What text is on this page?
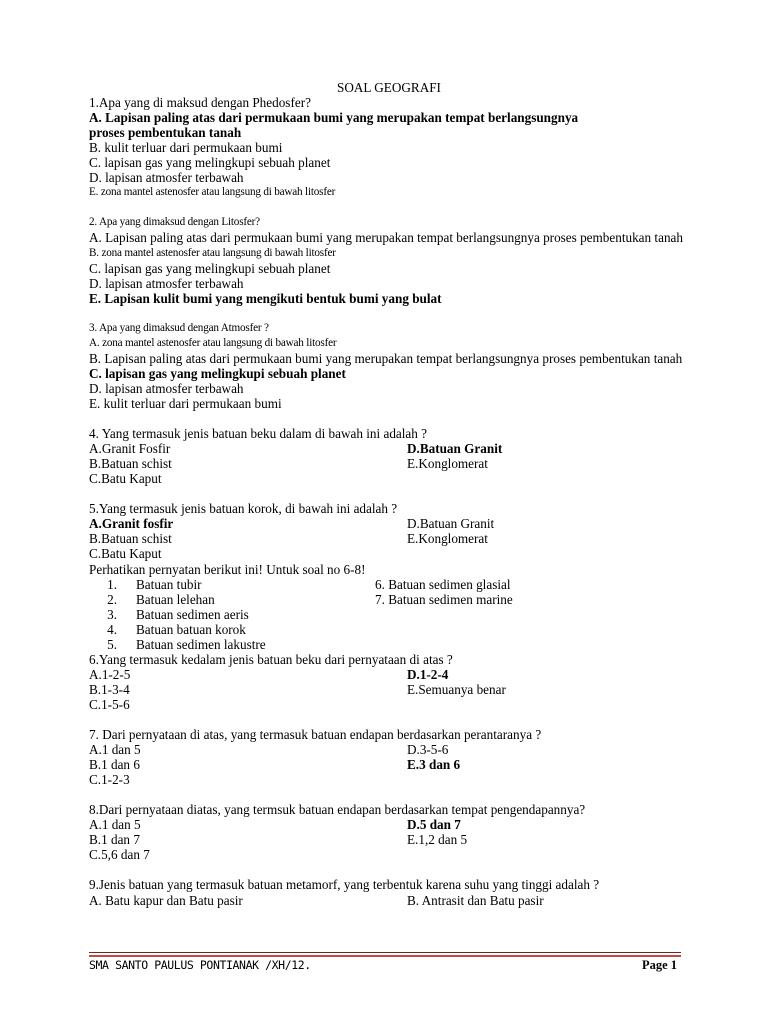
SOAL GEOGRAFI
1.Apa yang di maksud dengan Phedosfer?
A. Lapisan paling atas dari permukaan bumi yang merupakan tempat berlangsungnya
proses pembentukan tanah
B. kulit terluar dari permukaan bumi
C. lapisan gas yang melingkupi sebuah planet
D. lapisan atmosfer terbawah
E. zona mantel astenosfer atau langsung di bawah litosfer
2. Apa yang dimaksud dengan Litosfer?
A. Lapisan paling atas dari permukaan bumi yang merupakan tempat berlangsungnya proses pembentukan tanah
B. zona mantel astenosfer atau langsung di bawah litosfer
C. lapisan gas yang melingkupi sebuah planet
D. lapisan atmosfer terbawah
E. Lapisan kulit bumi yang mengikuti bentuk bumi yang bulat
3. Apa yang dimaksud dengan Atmosfer ?
A. zona mantel astenosfer atau langsung di bawah litosfer
B. Lapisan paling atas dari permukaan bumi yang merupakan tempat berlangsungnya proses pembentukan tanah
C. lapisan gas yang melingkupi sebuah planet
D. lapisan atmosfer terbawah
E. kulit terluar dari permukaan bumi
4. Yang termasuk jenis batuan beku dalam di bawah ini adalah ?
A.Granit Fosfir	D.Batuan Granit
B.Batuan schist	E.Konglomerat
C.Batu Kaput
5.Yang termasuk jenis batuan korok, di bawah ini adalah ?
A.Granit fosfir	D.Batuan Granit
B.Batuan schist	E.Konglomerat
C.Batu Kaput
Perhatikan pernyatan berikut ini! Untuk soal no 6-8!
1. Batuan tubir	6. Batuan sedimen glasial
2. Batuan lelehan	7. Batuan sedimen marine
3. Batuan sedimen aeris
4. Batuan batuan korok
5. Batuan sedimen lakustre
6.Yang termasuk kedalam jenis batuan beku dari pernyataan di atas ?
A.1-2-5	D.1-2-4
B.1-3-4	E.Semuanya benar
C.1-5-6
7. Dari pernyataan di atas, yang termasuk batuan endapan berdasarkan perantaranya ?
A.1 dan 5	D.3-5-6
B.1 dan 6	E.3 dan 6
C.1-2-3
8.Dari pernyataan diatas, yang termsuk batuan endapan berdasarkan tempat pengendapannya?
A.1 dan 5	D.5 dan 7
B.1 dan 7	E.1,2 dan 5
C.5,6 dan 7
9.Jenis batuan yang termasuk batuan metamorf, yang terbentuk karena suhu yang tinggi adalah ?
A. Batu kapur dan Batu pasir	B. Antrasit dan Batu pasir
SMA SANTO PAULUS PONTIANAK /XH/12.	Page 1
